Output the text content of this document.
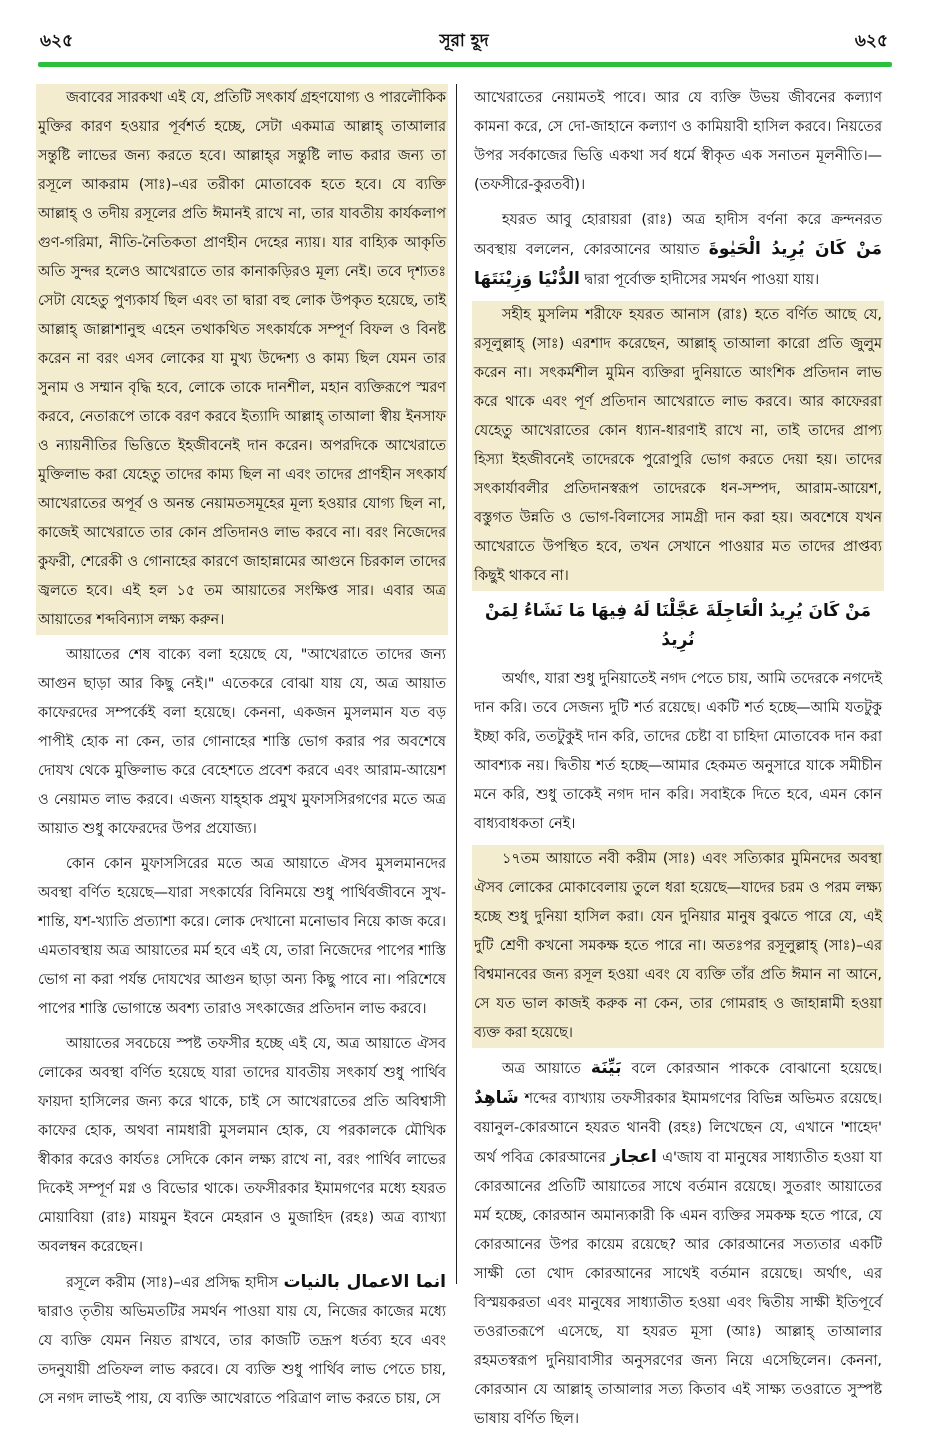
৬২৫	সূরা হূদ	৬২৫

জবাবের সারকথা এই যে, প্রতিটি সৎকার্য গ্রহণযোগ্য ও পারলৌকিক মুক্তির কারণ হওয়ার পূর্বশর্ত হচ্ছে, সেটা একমাত্র আল্লাহ্ তাআলার সন্তুষ্টি লাভের জন্য করতে হবে। আল্লাহ্‌র সন্তুষ্টি লাভ করার জন্য তা রসূলে আকরাম (সাঃ)–এর তরীকা মোতাবেক হতে হবে। যে ব্যক্তি আল্লাহ্ ও তদীয় রসূলের প্রতি ঈমানই রাখে না, তার যাবতীয় কার্যকলাপ গুণ-গরিমা, নীতি-নৈতিকতা প্রাণহীন দেহের ন্যায়। যার বাহ্যিক আকৃতি অতি সুন্দর হলেও আখেরাতে তার কানাকড়িরও মূল্য নেই। তবে দৃশ্যতঃ সেটা যেহেতু পুণ্যকার্য ছিল এবং তা দ্বারা বহু লোক উপকৃত হয়েছে, তাই আল্লাহ্ জাল্লাশানুহু এহেন তথাকথিত সৎকার্যকে সম্পূর্ণ বিফল ও বিনষ্ট করেন না বরং এসব লোকের যা মুখ্য উদ্দেশ্য ও কাম্য ছিল যেমন তার সুনাম ও সম্মান বৃদ্ধি হবে, লোকে তাকে দানশীল, মহান ব্যক্তিরূপে স্মরণ করবে, নেতারূপে তাকে বরণ করবে ইত্যাদি আল্লাহ্ তাআলা স্বীয় ইনসাফ ও ন্যায়নীতির ভিত্তিতে ইহজীবনেই দান করেন। অপরদিকে আখেরাতে মুক্তিলাভ করা যেহেতু তাদের কাম্য ছিল না এবং তাদের প্রাণহীন সৎকার্য আখেরাতের অপূর্ব ও অনন্ত নেয়ামতসমূহের মূল্য হওয়ার যোগ্য ছিল না, কাজেই আখেরাতে তার কোন প্রতিদানও লাভ করবে না। বরং নিজেদের কুফরী, শেরেকী ও গোনাহের কারণে জাহান্নামের আগুনে চিরকাল তাদের জ্বলতে হবে। এই হল ১৫ তম আয়াতের সংক্ষিপ্ত সার। এবার অত্র আয়াতের শব্দবিন্যাস লক্ষ্য করুন।

আয়াতের শেষ বাক্যে বলা হয়েছে যে, "আখেরাতে তাদের জন্য আগুন ছাড়া আর কিছু নেই।" এতেকরে বোঝা যায় যে, অত্র আয়াত কাফেরদের সম্পর্কেই বলা হয়েছে। কেননা, একজন মুসলমান যত বড় পাপীই হোক না কেন, তার গোনাহের শাস্তি ভোগ করার পর অবশেষে দোযখ থেকে মুক্তিলাভ করে বেহেশতে প্রবেশ করবে এবং আরাম-আয়েশ ও নেয়ামত লাভ করবে। এজন্য যাহ্‌হাক প্রমুখ মুফাসসিরগণের মতে অত্র আয়াত শুধু কাফেরদের উপর প্রযোজ্য।

কোন কোন মুফাসসিরের মতে অত্র আয়াতে ঐসব মুসলমানদের অবস্থা বর্ণিত হয়েছে—যারা সৎকার্যের বিনিময়ে শুধু পার্থিবজীবনে সুখ-শান্তি, যশ-খ্যাতি প্রত্যাশা করে। লোক দেখানো মনোভাব নিয়ে কাজ করে। এমতাবস্থায় অত্র আয়াতের মর্ম হবে এই যে, তারা নিজেদের পাপের শাস্তি ভোগ না করা পর্যন্ত দোযখের আগুন ছাড়া অন্য কিছু পাবে না। পরিশেষে পাপের শাস্তি ভোগান্তে অবশ্য তারাও সৎকাজের প্রতিদান লাভ করবে।

আয়াতের সবচেয়ে স্পষ্ট তফসীর হচ্ছে এই যে, অত্র আয়াতে ঐসব লোকের অবস্থা বর্ণিত হয়েছে যারা তাদের যাবতীয় সৎকার্য শুধু পার্থিব ফায়দা হাসিলের জন্য করে থাকে, চাই সে আখেরাতের প্রতি অবিশ্বাসী কাফের হোক, অথবা নামধারী মুসলমান হোক, যে পরকালকে মৌখিক স্বীকার করেও কার্যতঃ সেদিকে কোন লক্ষ্য রাখে না, বরং পার্থিব লাভের দিকেই সম্পূর্ণ মগ্ন ও বিভোর থাকে। তফসীরকার ইমামগণের মধ্যে হযরত মোয়াবিয়া (রাঃ) মায়মুন ইবনে মেহরান ও মুজাহিদ (রহঃ) অত্র ব্যাখ্যা অবলম্বন করেছেন।

রসূলে করীম (সাঃ)–এর প্রসিদ্ধ হাদীস انما الاعمال بالنيات দ্বারাও তৃতীয় অভিমতটির সমর্থন পাওয়া যায় যে, নিজের কাজের মধ্যে যে ব্যক্তি যেমন নিয়ত রাখবে, তার কাজটি তদ্রূপ ধর্তব্য হবে এবং তদনুযায়ী প্রতিফল লাভ করবে। যে ব্যক্তি শুধু পার্থিব লাভ পেতে চায়, সে নগদ লাভই পায়, যে ব্যক্তি আখেরাতে পরিত্রাণ লাভ করতে চায়, সে

আখেরাতের নেয়ামতই পাবে। আর যে ব্যক্তি উভয় জীবনের কল্যাণ কামনা করে, সে দো-জাহানে কল্যাণ ও কামিয়াবী হাসিল করবে। নিয়তের উপর সর্বকাজের ভিত্তি একথা সর্ব ধর্মে স্বীকৃত এক সনাতন মূলনীতি।—(তফসীরে-কুরতবী)।

হযরত আবু হোরায়রা (রাঃ) অত্র হাদীস বর্ণনা করে ক্রন্দনরত অবস্থায় বললেন, কোরআনের আয়াত مَنْ كَانَ يُرِيدُ الْحَيٰوةَ الدُّنْيَا وَزِيْنَتَهَا দ্বারা পূর্বোক্ত হাদীসের সমর্থন পাওয়া যায়।

সহীহ মুসলিম শরীফে হযরত আনাস (রাঃ) হতে বর্ণিত আছে যে, রসূলুল্লাহ্ (সাঃ) এরশাদ করেছেন, আল্লাহ্ তাআলা কারো প্রতি জুলুম করেন না। সৎকর্মশীল মুমিন ব্যক্তিরা দুনিয়াতে আংশিক প্রতিদান লাভ করে থাকে এবং পূর্ণ প্রতিদান আখেরাতে লাভ করবে। আর কাফেররা যেহেতু আখেরাতের কোন ধ্যান-ধারণাই রাখে না, তাই তাদের প্রাপ্য হিস্যা ইহজীবনেই তাদেরকে পুরোপুরি ভোগ করতে দেয়া হয়। তাদের সৎকার্যাবলীর প্রতিদানস্বরূপ তাদেরকে ধন-সম্পদ, আরাম-আয়েশ, বস্তুগত উন্নতি ও ভোগ-বিলাসের সামগ্রী দান করা হয়। অবশেষে যখন আখেরাতে উপস্থিত হবে, তখন সেখানে পাওয়ার মত তাদের প্রাপ্তব্য কিছুই থাকবে না।

مَنْ كَانَ يُرِيدُ الْعَاجِلَةَ عَجَّلْنَا لَهُ فِيهَا مَا نَشَاءُ لِمَنْ نُرِيدُ

অর্থাৎ, যারা শুধু দুনিয়াতেই নগদ পেতে চায়, আমি তদেরকে নগদেই দান করি। তবে সেজন্য দুটি শর্ত রয়েছে। একটি শর্ত হচ্ছে—আমি যতটুকু ইচ্ছা করি, ততটুকুই দান করি, তাদের চেষ্টা বা চাহিদা মোতাবেক দান করা আবশ্যক নয়। দ্বিতীয় শর্ত হচ্ছে—আমার হেকমত অনুসারে যাকে সমীচীন মনে করি, শুধু তাকেই নগদ দান করি। সবাইকে দিতে হবে, এমন কোন বাধ্যবাধকতা নেই।

১৭তম আয়াতে নবী করীম (সাঃ) এবং সত্যিকার মুমিনদের অবস্থা ঐসব লোকের মোকাবেলায় তুলে ধরা হয়েছে—যাদের চরম ও পরম লক্ষ্য হচ্ছে শুধু দুনিয়া হাসিল করা। যেন দুনিয়ার মানুষ বুঝতে পারে যে, এই দুটি শ্রেণী কখনো সমকক্ষ হতে পারে না। অতঃপর রসূলুল্লাহ্ (সাঃ)–এর বিশ্বমানবের জন্য রসূল হওয়া এবং যে ব্যক্তি তাঁর প্রতি ঈমান না আনে, সে যত ভাল কাজই করুক না কেন, তার গোমরাহ ও জাহান্নামী হওয়া ব্যক্ত করা হয়েছে।

অত্র আয়াতে بَيِّنَة বলে কোরআন পাককে বোঝানো হয়েছে। شَاهِدٌ শব্দের ব্যাখ্যায় তফসীরকার ইমামগণের বিভিন্ন অভিমত রয়েছে। বয়ানুল-কোরআনে হযরত থানবী (রহঃ) লিখেছেন যে, এখানে 'শাহেদ' অর্থ পবিত্র কোরআনের اعجاز এ'জায বা মানুষের সাধ্যাতীত হওয়া যা কোরআনের প্রতিটি আয়াতের সাথে বর্তমান রয়েছে। সুতরাং আয়াতের মর্ম হচ্ছে, কোরআন অমান্যকারী কি এমন ব্যক্তির সমকক্ষ হতে পারে, যে কোরআনের উপর কায়েম রয়েছে? আর কোরআনের সত্যতার একটি সাক্ষী তো খোদ কোরআনের সাথেই বর্তমান রয়েছে। অর্থাৎ, এর বিস্ময়করতা এবং মানুষের সাধ্যাতীত হওয়া এবং দ্বিতীয় সাক্ষী ইতিপূর্বে তওরাতরূপে এসেছে, যা হযরত মূসা (আঃ) আল্লাহ্ তাআলার রহমতস্বরূপ দুনিয়াবাসীর অনুসরণের জন্য নিয়ে এসেছিলেন। কেননা, কোরআন যে আল্লাহ্ তাআলার সত্য কিতাব এই সাক্ষ্য তওরাতে সুস্পষ্ট ভাষায় বর্ণিত ছিল।
